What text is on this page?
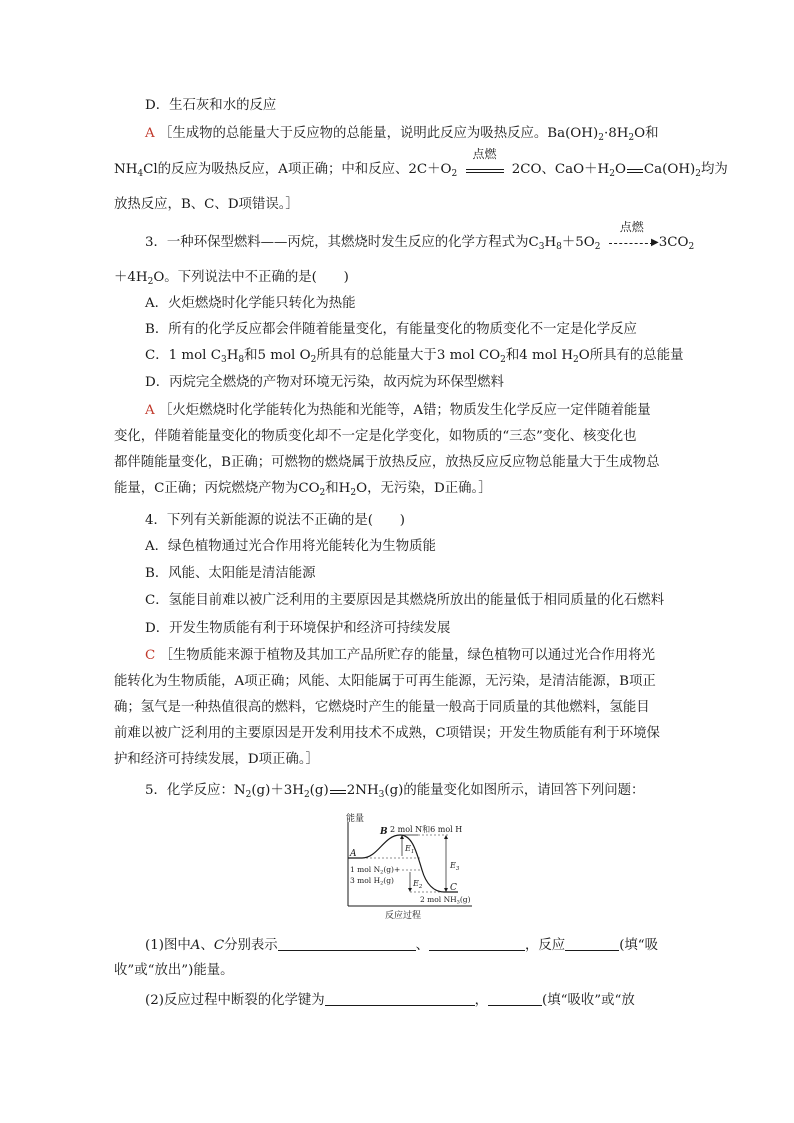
D．生石灰和水的反应
A ［生成物的总能量大于反应物的总能量，说明此反应为吸热反应。$Ba(OH)_2\cdot 8H_2O$和
$NH_4Cl$的反应为吸热反应，A项正确；中和反应、$2C+O_2$
点燃
2CO、$CaO+H_2O$ $Ca(OH)_2$均为
放热反应，B、C、D项错误。］
3．一种环保型燃料——丙烷，其燃烧时发生反应的化学方程式为$C_3H_8+5O_2$
点燃
▶ $3CO_2$
$+4H_2O$。下列说法中不正确的是(　　)
A．火炬燃烧时化学能只转化为热能
B．所有的化学反应都会伴随着能量变化，有能量变化的物质变化不一定是化学反应
C．1 mol $C_3H_8$和5 mol $O_2$所具有的总能量大于3 mol $CO_2$和4 mol $H_2O$所具有的总能量
D．丙烷完全燃烧的产物对环境无污染，故丙烷为环保型燃料
A ［火炬燃烧时化学能转化为热能和光能等，A错；物质发生化学反应一定伴随着能量
变化，伴随着能量变化的物质变化却不一定是化学变化，如物质的“三态”变化、核变化也
都伴随能量变化，B正确；可燃物的燃烧属于放热反应，放热反应反应物总能量大于生成物总
能量，C正确；丙烷燃烧产物为$CO_2$和$H_2O$，无污染，D正确。］
4．下列有关新能源的说法不正确的是(　　)
A．绿色植物通过光合作用将光能转化为生物质能
B．风能、太阳能是清洁能源
C．氢能目前难以被广泛利用的主要原因是其燃烧所放出的能量低于相同质量的化石燃料
D．开发生物质能有利于环境保护和经济可持续发展
C ［生物质能来源于植物及其加工产品所贮存的能量，绿色植物可以通过光合作用将光
能转化为生物质能，A项正确；风能、太阳能属于可再生能源，无污染，是清洁能源，B项正
确；氢气是一种热值很高的燃料，它燃烧时产生的能量一般高于同质量的其他燃料，氢能目
前难以被广泛利用的主要原因是开发利用技术不成熟，C项错误；开发生物质能有利于环境保
护和经济可持续发展，D项正确。］
5．化学反应：$N_2(g)+3H_2(g)$ $2NH_3(g)$的能量变化如图所示，请回答下列问题：
能量
反应过程
$E_1$
$E_2$
$E_3$
B 2 mol N和6 mol H
A
1 mol $N_2(g)+$
3 mol $H_2(g)$
C
2 mol $NH_3(g)$
(1)图中A、C分别表示	、	，反应	(填“吸
收”或“放出”)能量。
(2)反应过程中断裂的化学键为	，	(填“吸收”或“放
